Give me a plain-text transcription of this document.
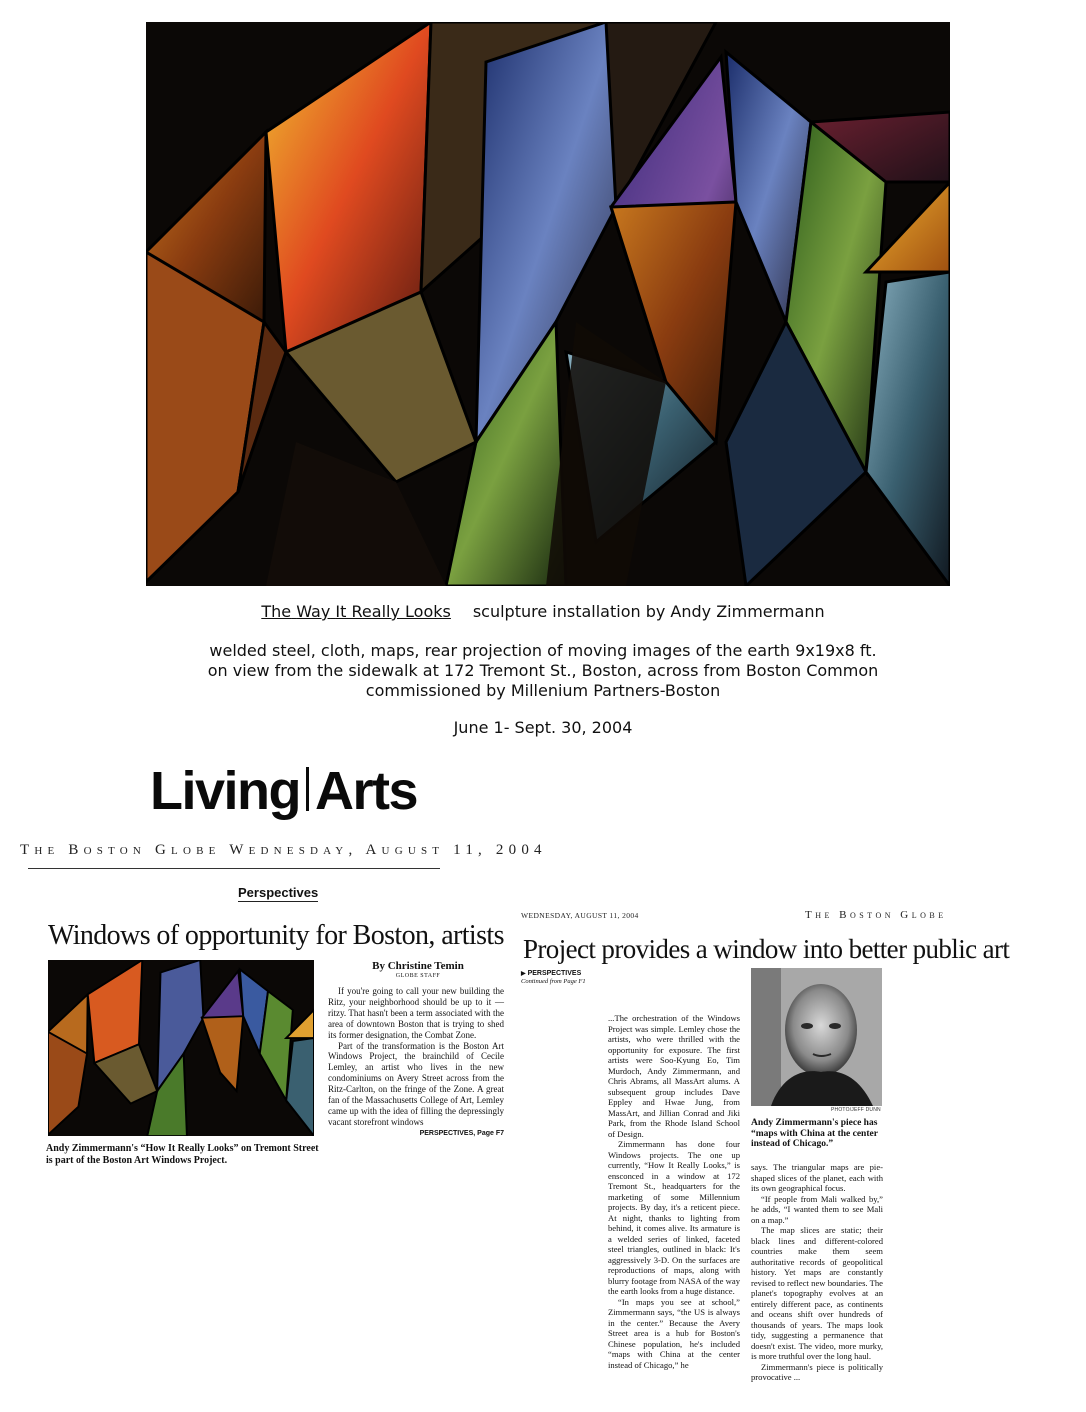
The Way It Really Looks sculpture installation by Andy Zimmermann
welded steel, cloth, maps, rear projection of moving images of the earth 9x19x8 ft.
on view from the sidewalk at 172 Tremont St., Boston, across from Boston Common
commissioned by Millenium Partners-Boston
June 1- Sept. 30, 2004
Living Arts
The Boston Globe Wednesday, August 11, 2004
Perspectives
Windows of opportunity for Boston, artists
Andy Zimmermann's “How It Really Looks” on Tremont Street is part of the Boston Art Windows Project.
By Christine Temin
GLOBE STAFF

If you're going to call your new building the Ritz, your neighborhood should be up to it — ritzy. That hasn't been a term associated with the area of downtown Boston that is trying to shed its former designation, the Combat Zone.

Part of the transformation is the Boston Art Windows Project, the brainchild of Cecile Lemley, an artist who lives in the new condominiums on Avery Street across from the Ritz-Carlton, on the fringe of the Zone. A great fan of the Massachusetts College of Art, Lemley came up with the idea of filling the depressingly vacant storefront windows

PERSPECTIVES, Page F7
WEDNESDAY, AUGUST 11, 2004	The Boston Globe
Project provides a window into better public art
▶ PERSPECTIVES
Continued from Page F1
PHOTO/JEFF DUNN
Andy Zimmermann's piece has “maps with China at the center instead of Chicago.”

...The orchestration of the Windows Project was simple. Lemley chose the artists, who were thrilled with the opportunity for exposure. The first artists were Soo-Kyung Eo, Tim Murdoch, Andy Zimmermann, and Chris Abrams, all MassArt alums. A subsequent group includes Dave Eppley and Hwae Jung, from MassArt, and Jillian Conrad and Jiki Park, from the Rhode Island School of Design.

Zimmermann has done four Windows projects. The one up currently, “How It Really Looks,” is ensconced in a window at 172 Tremont St., headquarters for the marketing of some Millennium projects. By day, it's a reticent piece. At night, thanks to lighting from behind, it comes alive. Its armature is a welded series of linked, faceted steel triangles, outlined in black: It's aggressively 3-D. On the surfaces are reproductions of maps, along with blurry footage from NASA of the way the earth looks from a huge distance.

“In maps you see at school,” Zimmermann says, “the US is always in the center.” Because the Avery Street area is a hub for Boston's Chinese population, he's included “maps with China at the center instead of Chicago,” he

says. The triangular maps are pie-shaped slices of the planet, each with its own geographical focus.

“If people from Mali walked by,” he adds, “I wanted them to see Mali on a map.”

The map slices are static; their black lines and different-colored countries make them seem authoritative records of geopolitical history. Yet maps are constantly revised to reflect new boundaries. The planet's topography evolves at an entirely different pace, as continents and oceans shift over hundreds of thousands of years. The maps look tidy, suggesting a permanence that doesn't exist. The video, more murky, is more truthful over the long haul.

Zimmermann's piece is politically provocative ...
